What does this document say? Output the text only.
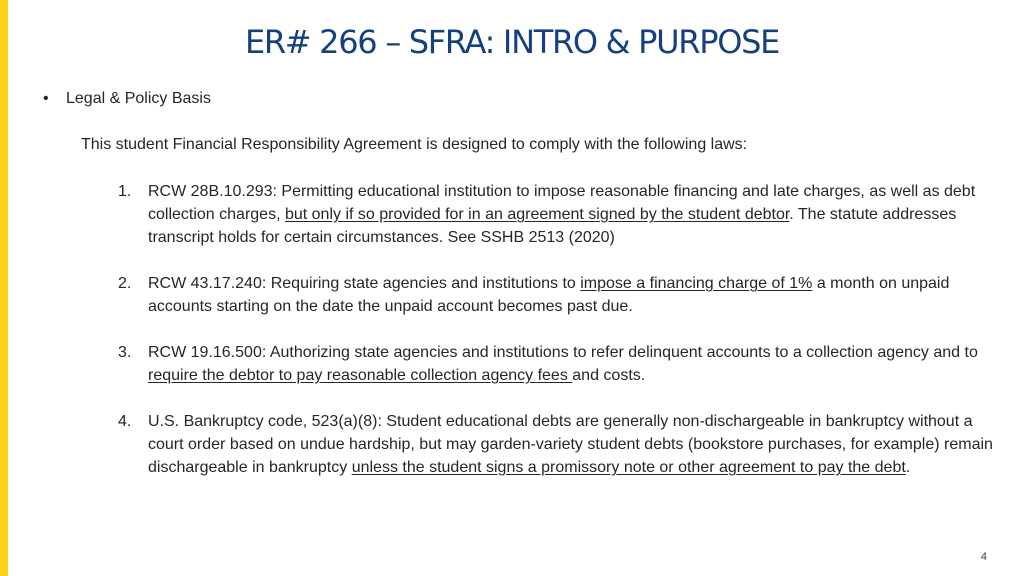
ER# 266 – SFRA: INTRO & PURPOSE
• Legal & Policy Basis

This student Financial Responsibility Agreement is designed to comply with the following laws:

1. RCW 28B.10.293: Permitting educational institution to impose reasonable financing and late charges, as well as debt collection charges, but only if so provided for in an agreement signed by the student debtor. The statute addresses transcript holds for certain circumstances. See SSHB 2513 (2020)
2. RCW 43.17.240: Requiring state agencies and institutions to impose a financing charge of 1% a month on unpaid accounts starting on the date the unpaid account becomes past due.
3. RCW 19.16.500: Authorizing state agencies and institutions to refer delinquent accounts to a collection agency and to require the debtor to pay reasonable collection agency fees and costs.
4. U.S. Bankruptcy code, 523(a)(8): Student educational debts are generally non-dischargeable in bankruptcy without a court order based on undue hardship, but may garden-variety student debts (bookstore purchases, for example) remain dischargeable in bankruptcy unless the student signs a promissory note or other agreement to pay the debt.
4
